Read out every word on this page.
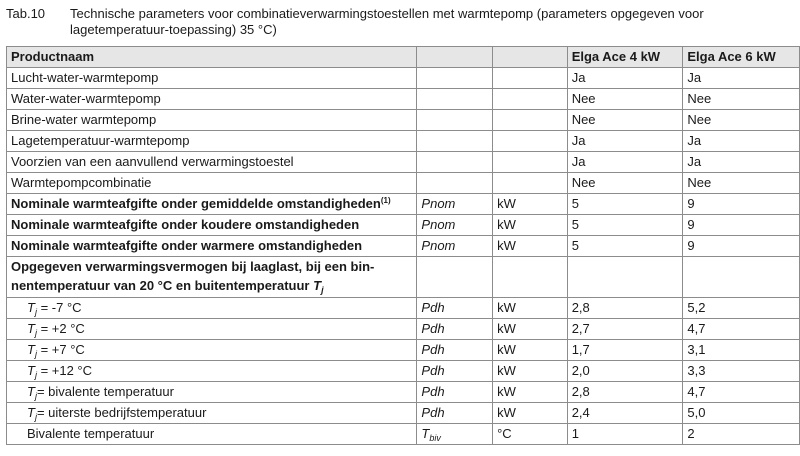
Tab.10 Technische parameters voor combinatieverwarmingstoestellen met warmtepomp (parameters opgegeven voor lagetemperatuur-toepassing) 35 °C)
Productnaam			Elga Ace 4 kW	Elga Ace 6 kW
Lucht-water-warmtepomp			Ja	Ja
Water-water-warmtepomp			Nee	Nee
Brine-water warmtepomp			Nee	Nee
Lagetemperatuur-warmtepomp			Ja	Ja
Voorzien van een aanvullend verwarmingstoestel			Ja	Ja
Warmtepompcombinatie			Nee	Nee
Nominale warmteafgifte onder gemiddelde omstandigheden$^{(1)}$	Pnom	kW	5	9
Nominale warmteafgifte onder koudere omstandigheden	Pnom	kW	5	9
Nominale warmteafgifte onder warmere omstandigheden	Pnom	kW	5	9
Opgegeven verwarmingsvermogen bij laaglast, bij een bin-
nentemperatuur van 20 °C en buitentemperatuur $T_j$				
$T_j = -7$ °C	Pdh	kW	2,8	5,2
$T_j = +2$ °C	Pdh	kW	2,7	4,7
$T_j = +7$ °C	Pdh	kW	1,7	3,1
$T_j = +12$ °C	Pdh	kW	2,0	3,3
$T_j=$ bivalente temperatuur	Pdh	kW	2,8	4,7
$T_j=$ uiterste bedrijfstemperatuur	Pdh	kW	2,4	5,0
Bivalente temperatuur	$T_{biv}$	°C	1	2
